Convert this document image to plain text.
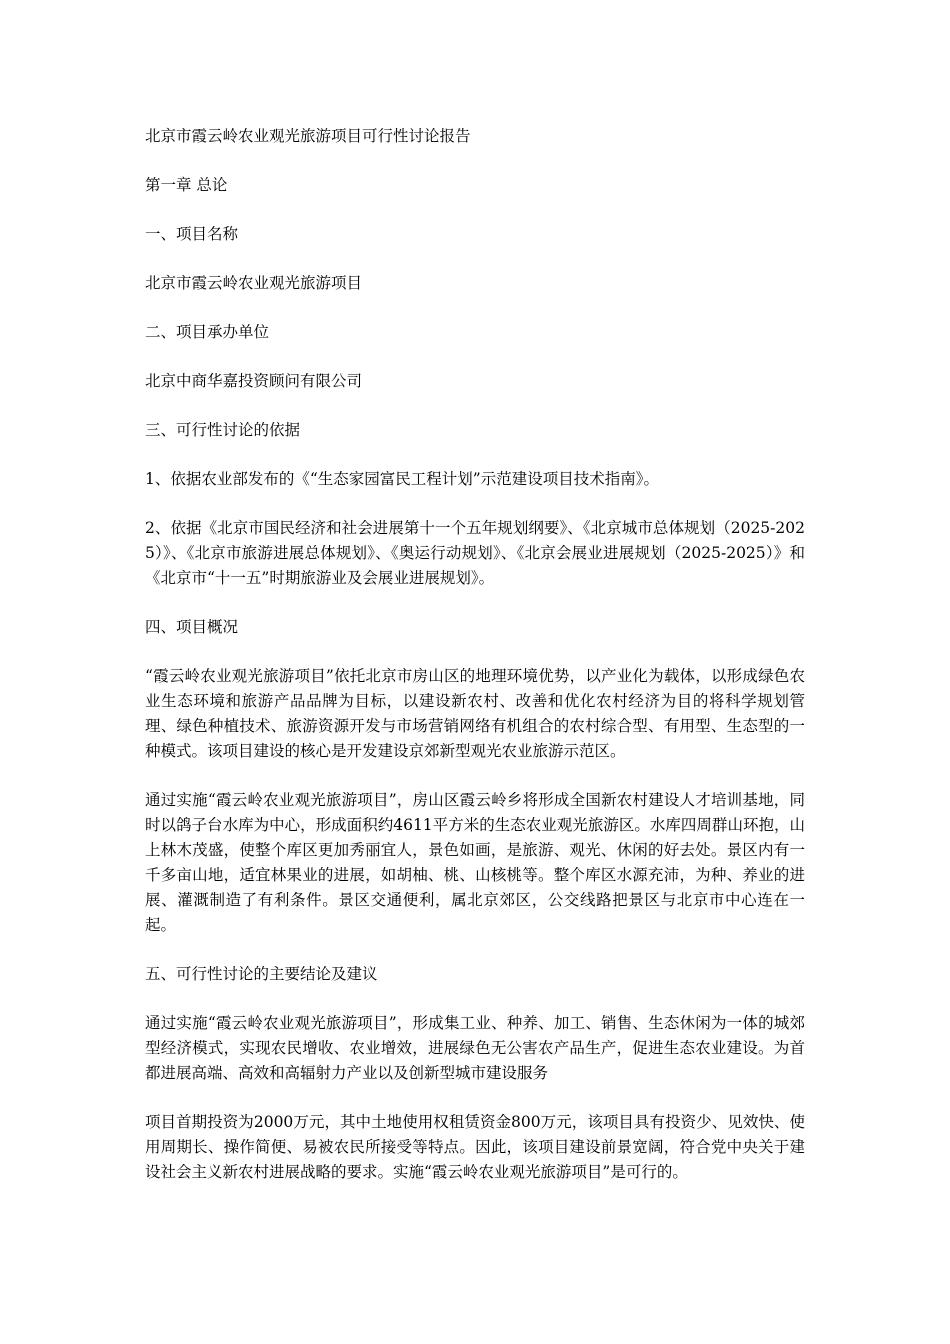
北京市霞云岭农业观光旅游项目可行性讨论报告

第一章 总论

一、项目名称

北京市霞云岭农业观光旅游项目

二、项目承办单位

北京中商华嘉投资顾问有限公司

三、可行性讨论的依据

1、依据农业部发布的《“生态家园富民工程计划”示范建设项目技术指南》。

2、依据《北京市国民经济和社会进展第十一个五年规划纲要》、《北京城市总体规划（2025-2025）》、《北京市旅游进展总体规划》、《奥运行动规划》、《北京会展业进展规划（2025-2025）》和《北京市“十一五”时期旅游业及会展业进展规划》。

四、项目概况

“霞云岭农业观光旅游项目”依托北京市房山区的地理环境优势，以产业化为载体，以形成绿色农业生态环境和旅游产品品牌为目标，以建设新农村、改善和优化农村经济为目的将科学规划管理、绿色种植技术、旅游资源开发与市场营销网络有机组合的农村综合型、有用型、生态型的一种模式。该项目建设的核心是开发建设京郊新型观光农业旅游示范区。

通过实施“霞云岭农业观光旅游项目”，房山区霞云岭乡将形成全国新农村建设人才培训基地，同时以鸽子台水库为中心，形成面积约4611平方米的生态农业观光旅游区。水库四周群山环抱，山上林木茂盛，使整个库区更加秀丽宜人，景色如画，是旅游、观光、休闲的好去处。景区内有一千多亩山地，适宜林果业的进展，如胡柚、桃、山核桃等。整个库区水源充沛，为种、养业的进展、灌溉制造了有利条件。景区交通便利，属北京郊区，公交线路把景区与北京市中心连在一起。

五、可行性讨论的主要结论及建议

通过实施“霞云岭农业观光旅游项目”，形成集工业、种养、加工、销售、生态休闲为一体的城郊型经济模式，实现农民增收、农业增效，进展绿色无公害农产品生产，促进生态农业建设。为首都进展高端、高效和高辐射力产业以及创新型城市建设服务

项目首期投资为2000万元，其中土地使用权租赁资金800万元，该项目具有投资少、见效快、使用周期长、操作简便、易被农民所接受等特点。因此，该项目建设前景宽阔，符合党中央关于建设社会主义新农村进展战略的要求。实施“霞云岭农业观光旅游项目”是可行的。
